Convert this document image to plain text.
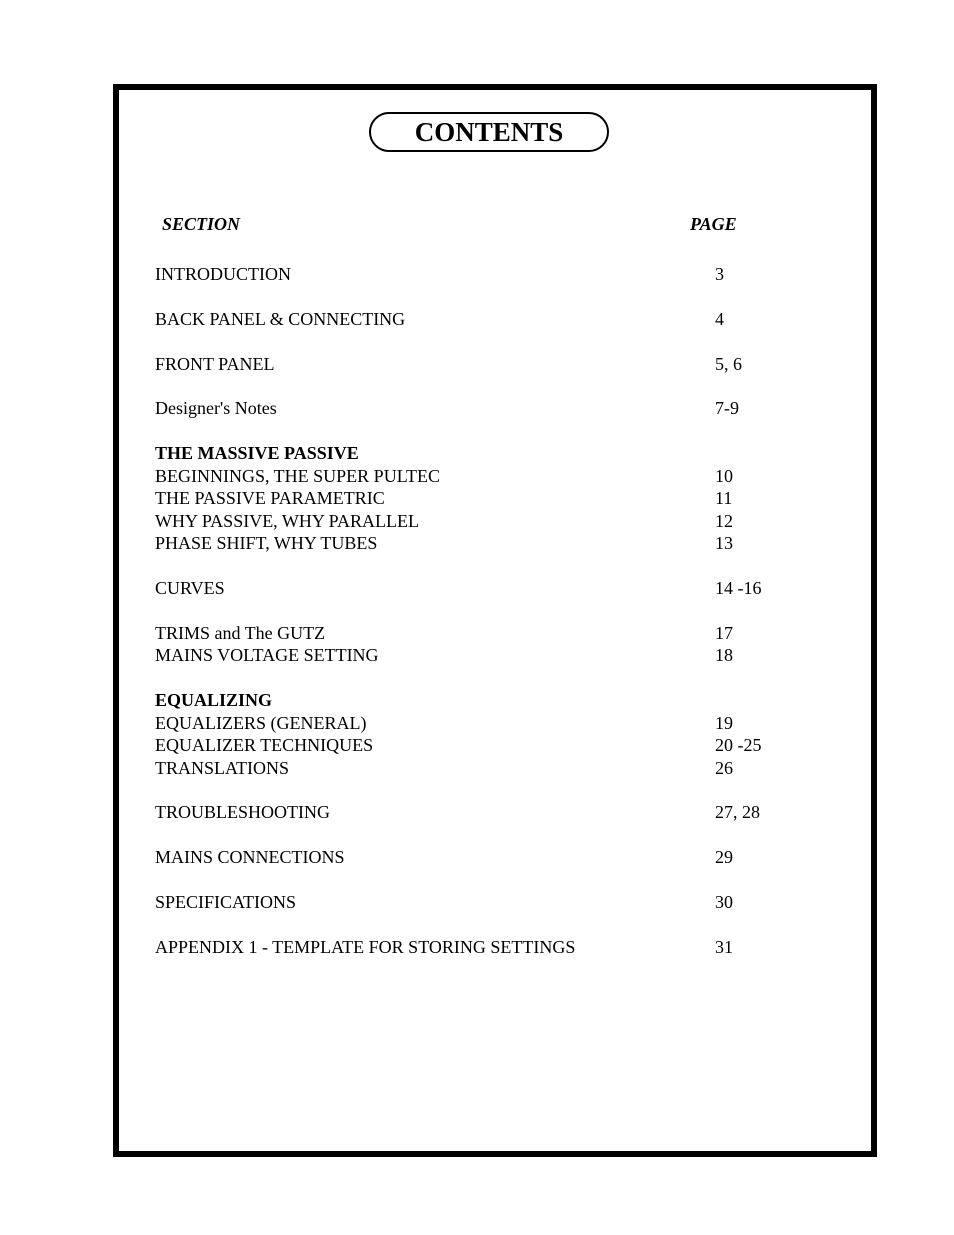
CONTENTS
SECTION	PAGE
INTRODUCTION	3
BACK PANEL & CONNECTING	4
FRONT PANEL	5, 6
Designer's Notes	7-9
THE MASSIVE PASSIVE
BEGINNINGS, THE SUPER PULTEC	10
THE PASSIVE PARAMETRIC	11
WHY PASSIVE, WHY PARALLEL	12
PHASE SHIFT, WHY TUBES	13
CURVES	14 -16
TRIMS and The GUTZ	17
MAINS VOLTAGE SETTING	18
EQUALIZING
EQUALIZERS (GENERAL)	19
EQUALIZER TECHNIQUES	20 -25
TRANSLATIONS	26
TROUBLESHOOTING	27, 28
MAINS CONNECTIONS	29
SPECIFICATIONS	30
APPENDIX 1 - TEMPLATE FOR STORING SETTINGS	31
